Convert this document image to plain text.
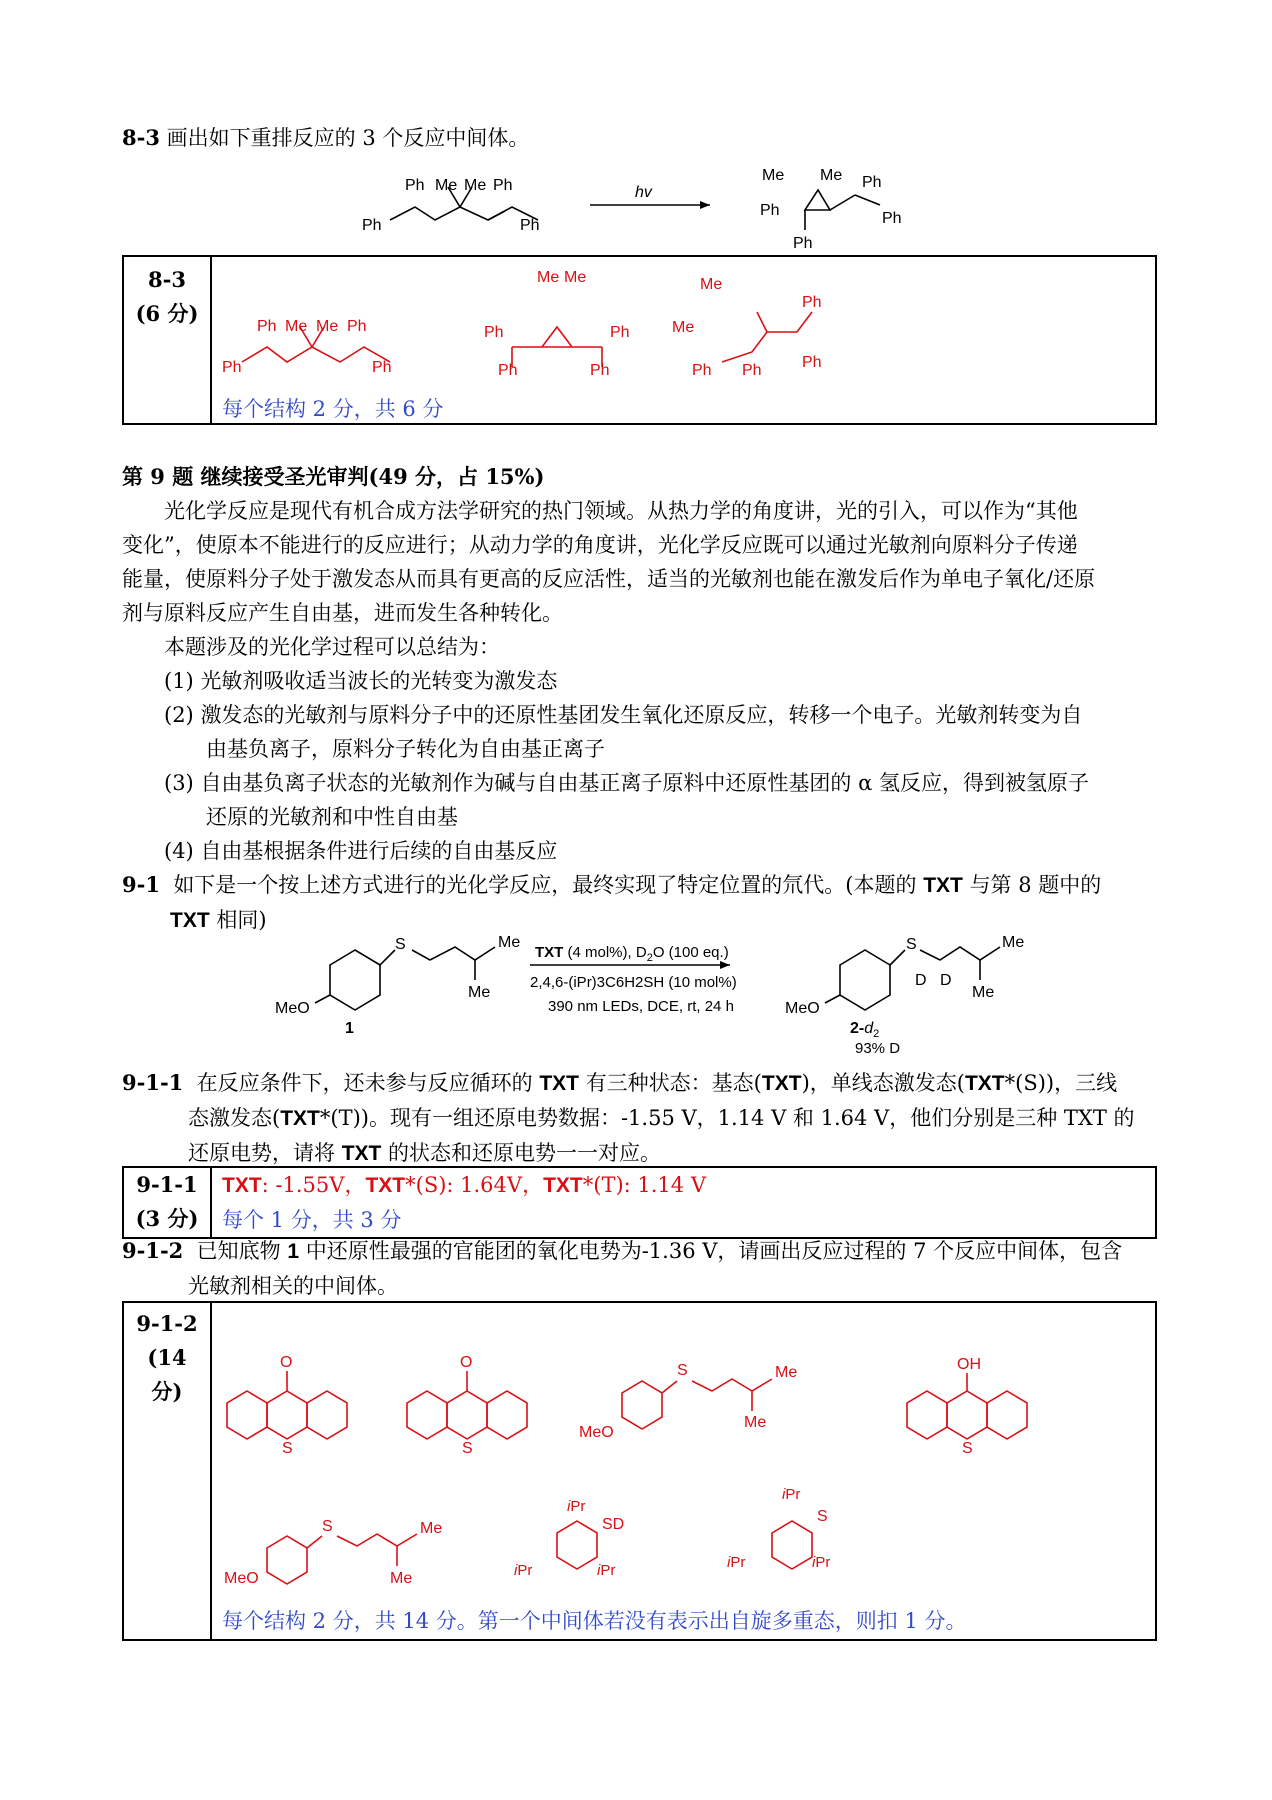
8-3 画出如下重排反应的 3 个反应中间体。
Ph
Ph Me Me Ph
Ph
hv
Me Me
Ph
Ph
Ph
Ph
8-3
(6 分)

Ph
Ph Me Me Ph
Ph
Me Me
Ph
Ph	Ph
Ph
Me
Me
Ph Ph
Ph
Ph
每个结构 2 分，共 6 分
第 9 题 继续接受圣光审判(49 分，占 15%)
光化学反应是现代有机合成方法学研究的热门领域。从热力学的角度讲，光的引入，可以作为“其他
变化”，使原本不能进行的反应进行；从动力学的角度讲，光化学反应既可以通过光敏剂向原料分子传递
能量，使原料分子处于激发态从而具有更高的反应活性，适当的光敏剂也能在激发后作为单电子氧化/还原
剂与原料反应产生自由基，进而发生各种转化。
本题涉及的光化学过程可以总结为：
(1) 光敏剂吸收适当波长的光转变为激发态
(2) 激发态的光敏剂与原料分子中的还原性基团发生氧化还原反应，转移一个电子。光敏剂转变为自
由基负离子，原料分子转化为自由基正离子
(3) 自由基负离子状态的光敏剂作为碱与自由基正离子原料中还原性基团的 α 氢反应，得到被氢原子
还原的光敏剂和中性自由基
(4) 自由基根据条件进行后续的自由基反应
9-1 如下是一个按上述方式进行的光化学反应，最终实现了特定位置的氘代。(本题的 TXT 与第 8 题中的
TXT 相同)
S	Me
Me
MeO
1
TXT (4 mol%), $D_2O$ (100 eq.)
2,4,6-(iPr)3C6H2SH (10 mol%)
390 nm LEDs, DCE, rt, 24 h
S
D D
Me
Me
MeO
$2-d_2$
93% D
9-1-1 在反应条件下，还未参与反应循环的 TXT 有三种状态：基态(TXT)，单线态激发态(TXT*(S))，三线
态激发态(TXT*(T))。现有一组还原电势数据：-1.55 V，1.14 V 和 1.64 V，他们分别是三种 TXT 的
还原电势，请将 TXT 的状态和还原电势一一对应。
9-1-1
(3 分)

TXT: -1.55V，TXT*(S): 1.64V，TXT*(T): 1.14 V
每个 1 分，共 3 分
9-1-2 已知底物 1 中还原性最强的官能团的氧化电势为-1.36 V，请画出反应过程的 7 个反应中间体，包含
光敏剂相关的中间体。
9-1-2
(14
分)

O
S
O
S
S	Me
Me
MeO
OH
S
S	Me
Me
MeO
iPr
SD
iPr	iPr
iPr
S
iPr	iPr
每个结构 2 分，共 14 分。第一个中间体若没有表示出自旋多重态，则扣 1 分。
